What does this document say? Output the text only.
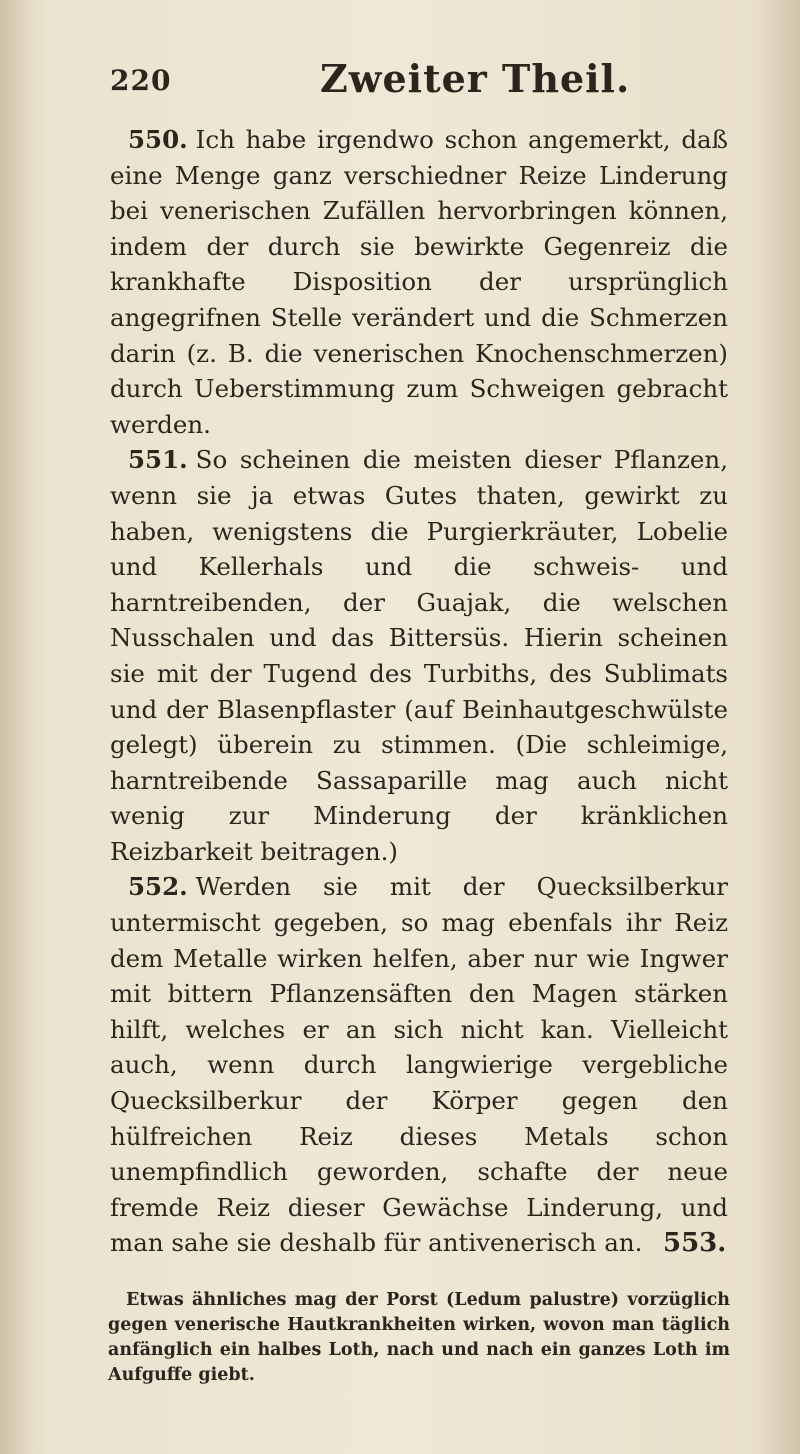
220	Zweiter Theil.

550. Ich habe irgendwo schon angemerkt, daß eine Menge ganz verschiedner Reize Linderung bei venerischen Zufällen hervorbringen können, indem der durch sie bewirkte Gegenreiz die krankhafte Disposition der ursprünglich angegrifnen Stelle verändert und die Schmerzen darin (z. B. die venerischen Knochenschmerzen) durch Ueberstimmung zum Schweigen gebracht werden.

551. So scheinen die meisten dieser Pflanzen, wenn sie ja etwas Gutes thaten, gewirkt zu haben, wenigstens die Purgierkräuter, Lobelie und Kellerhals und die schweis- und harntreibenden, der Guajak, die welschen Nusschalen und das Bittersüs. Hierin scheinen sie mit der Tugend des Turbiths, des Sublimats und der Blasenpflaster (auf Beinhautgeschwülste gelegt) überein zu stimmen. (Die schleimige, harntreibende Sassaparille mag auch nicht wenig zur Minderung der kränklichen Reizbarkeit beitragen.)

552. Werden sie mit der Quecksilberkur untermischt gegeben, so mag ebenfals ihr Reiz dem Metalle wirken helfen, aber nur wie Ingwer mit bittern Pflanzensäften den Magen stärken hilft, welches er an sich nicht kan. Vielleicht auch, wenn durch langwierige vergebliche Quecksilberkur der Körper gegen den hülfreichen Reiz dieses Metals schon unempfindlich geworden, schafte der neue fremde Reiz dieser Gewächse Linderung, und man sahe sie deshalb für antivenerisch an. 553.

Etwas ähnliches mag der Porst (Ledum palustre) vorzüglich gegen venerische Hautkrankheiten wirken, wovon man täglich anfänglich ein halbes Loth, nach und nach ein ganzes Loth im Aufguffe giebt.
